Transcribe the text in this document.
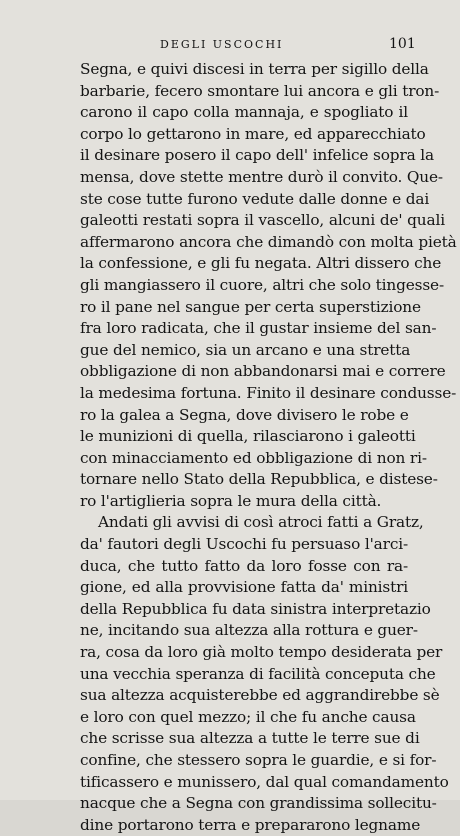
DEGLI USCOCHI	101
Segna, e quivi discesi in terra per sigillo della
barbarie, fecero smontare lui ancora e gli tron-
carono il capo colla mannaja, e spogliato il
corpo lo gettarono in mare, ed apparecchiato
il desinare posero il capo dell' infelice sopra la
mensa, dove stette mentre durò il convito. Que-
ste cose tutte furono vedute dalle donne e dai
galeotti restati sopra il vascello, alcuni de' quali
affermarono ancora che dimandò con molta pietà
la confessione, e gli fu negata. Altri dissero che
gli mangiassero il cuore, altri che solo tingesse-
ro il pane nel sangue per certa superstizione
fra loro radicata, che il gustar insieme del san-
gue del nemico, sia un arcano e una stretta
obbligazione di non abbandonarsi mai e correre
la medesima fortuna. Finito il desinare condusse-
ro la galea a Segna, dove divisero le robe e
le munizioni di quella, rilasciarono i galeotti
con minacciamento ed obbligazione di non ri-
tornare nello Stato della Repubblica, e distese-
ro l'artiglieria sopra le mura della città.
Andati gli avvisi di così atroci fatti a Gratz,
da' fautori degli Uscochi fu persuaso l'arci-
duca, che tutto fatto da loro fosse con ra-
gione, ed alla provvisione fatta da' ministri
della Repubblica fu data sinistra interpretazio
ne, incitando sua altezza alla rottura e guer-
ra, cosa da loro già molto tempo desiderata per
una vecchia speranza di facilità conceputa che
sua altezza acquisterebbe ed aggrandirebbe sè
e loro con quel mezzo; il che fu anche causa
che scrisse sua altezza a tutte le terre sue di
confine, che stessero sopra le guardie, e si for-
tificassero e munissero, dal qual comandamento
nacque che a Segna con grandissima sollecitu-
dine portarono terra e prepararono legname
